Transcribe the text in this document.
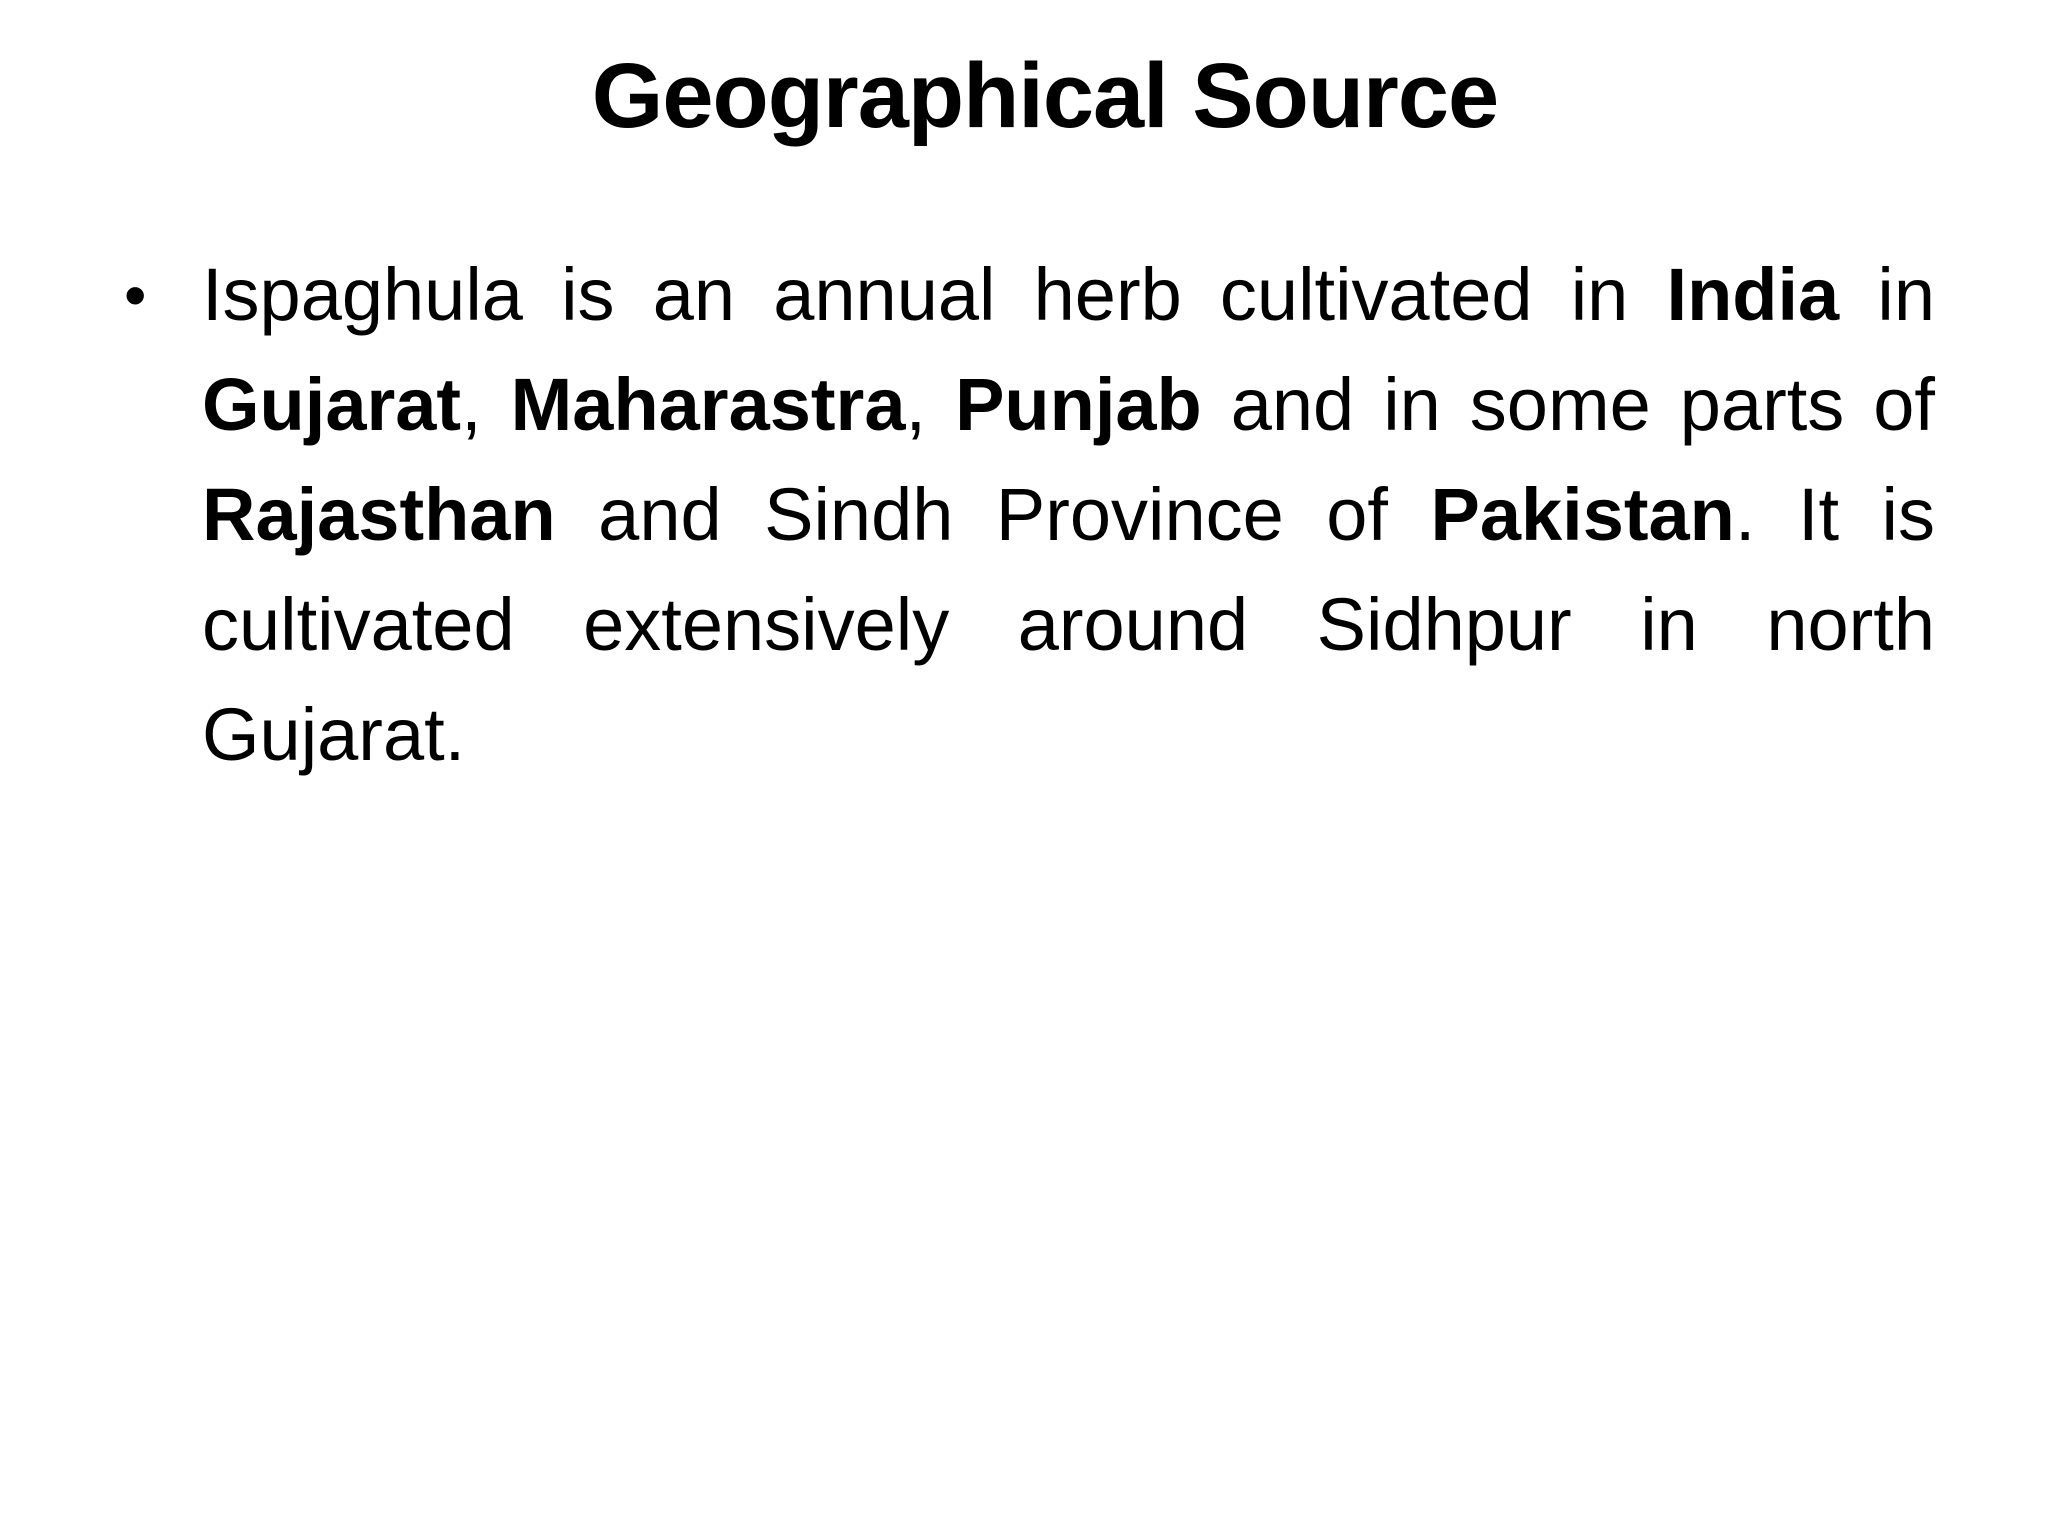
Geographical Source
• Ispaghula is an annual herb cultivated in India in Gujarat, Maharastra, Punjab and in some parts of Rajasthan and Sindh Province of Pakistan. It is cultivated extensively around Sidhpur in north Gujarat.
